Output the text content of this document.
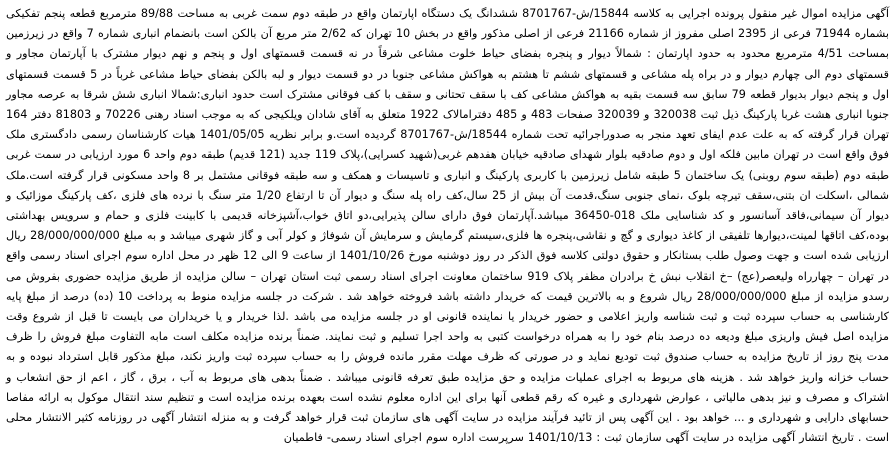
آگهی مزایده اموال غیر منقول پرونده اجرایی به کلاسه 15844/ش-8701767 ششدانگ یک دستگاه اپارتمان واقع در طبقه دوم سمت غربی به مساحت 89/88 مترمربع قطعه پنجم تفکیکی بشماره 71944 فرعی از 2395 اصلی مفروز از شماره 21166 فرعی از اصلی مذکور واقع در بخش 10 تهران که 2/62 متر مربع آن بالکن است بانضمام انباری شماره 7 واقع در زیرزمین بمساحت 4/51 مترمربع محدود به حدود اپارتمان : شمالاً دیوار و پنجره بفضای حیاط خلوت مشاعی شرقاً در نه قسمت قسمتهای اول و پنجم و نهم دیوار مشترک با آپارتمان مجاور و قسمتهای دوم الی چهارم دیوار و در براه پله مشاعی و قسمتهای ششم تا هشتم به هواکش مشاعی جنوبا در دو قسمت دیوار و لبه بالکن بفضای حیاط مشاعی غرباً در 5 قسمت قسمتهای اول و پنجم دیوار بدیوار قطعه 79 سابق سه قسمت بقیه به هواکش مشاعی کف با سقف تحتانی و سقف با کف فوقانی مشترک است حدود انباری:شمالا انباری شش شرقا به عرصه مجاور جنوبا انباری هشت غربا پارکینگ ذیل ثبت 320038 و 320039 صفحات 483 و 485 دفترامالاک 1922 متعلق به آقای شادان ویلکیجی که به موجب اسناد رهنی 70226 و 81803 دفتر 164 تهران قرار گرفته که به علت عدم ایفای تعهد منجر به صدوراجرائیه تحت شماره 18544/ش-8701767 گردیده است.و برابر نظریه 1401/05/05 هیات کارشناسان رسمی دادگستری ملک فوق واقع است در تهران مابین فلکه اول و دوم صادقیه بلوار شهدای صادقیه خیابان هفدهم غربی(شهید کسرایی)،پلاک 119 جدید (121 قدیم) طبقه دوم واحد 6 مورد ارزیابی در سمت غربی طبقه دوم (طبقه سوم روبنی) یک ساختمان 5 طبقه شامل زیرزمین با کاربری پارکینگ و انباری و تاسیسات و همکف و سه طبقه فوقانی مشتمل بر 8 واحد مسکونی قرار گرفته است.ملک شمالی ،اسکلت ان بتنی،سقف تیرچه بلوک ،نمای جنوبی سنگ،قدمت آن بیش از 25 سال،کف راه پله سنگ و دیوار آن تا ارتفاع 1/20 متر سنگ با نرده های فلزی ،کف پارکینگ موزائیک و دیوار آن سیمانی،فاقد آسانسور و کد شناسایی ملک 018-36450 میباشد.آپارتمان فوق دارای سالن پذیرایی،دو اتاق خواب،آشپزخانه قدیمی با کابینت فلزی و حمام و سرویس بهداشتی بوده،کف اتاقها لمینت،دیوارها تلفیقی از کاغذ دیواری و گچ و نقاشی،پنجره ها فلزی،سیستم گرمایش و سرمایش آن شوفاژ و کولر آبی و گاز شهری میباشد و به مبلغ 28/000/000/000 ریال ارزیابی شده است و جهت وصول طلب بستانکار و حقوق دولتی کلاسه فوق الذکر در روز دوشنبه مورخ 1401/10/26 از ساعت 9 الی 12 ظهر در محل اداره سوم اجرای اسناد رسمی واقع در تهران – چهارراه ولیعصر(عج) –خ انقلاب نبش خ برادران مظفر پلاک 919 ساختمان معاونت اجرای اسناد رسمی ثبت استان تهران – سالن مزایده از طریق مزایده حضوری بفروش می رسدو مزایده از مبلغ 28/000/000/000 ریال شروع و به بالاترین قیمت که خریدار داشته باشد فروخته خواهد شد . شرکت در جلسه مزایده منوط به پرداخت 10 (ده) درصد از مبلغ پایه کارشناسی به حساب سپرده ثبت و ثبت شناسه واریز اعلامی و حضور خریدار یا نماینده قانونی او در جلسه مزایده می باشد .لذا خریدار و یا خریداران می بایست تا قبل از شروع وقت مزایده اصل فیش واریزی مبلغ ودیعه ده درصد بنام خود را به همراه درخواست کتبی به واحد اجرا تسلیم و ثبت نمایند. ضمناً برنده مزایده مکلف است مابه التفاوت مبلغ فروش را ظرف مدت پنج روز از تاریخ مزایده به حساب صندوق ثبت تودیع نماید و در صورتی که ظرف مهلت مقرر مانده فروش را به حساب سپرده ثبت واریز نکند، مبلغ مذکور قابل استرداد نبوده و به حساب خزانه واریز خواهد شد . هزینه های مربوط به اجرای عملیات مزایده و حق مزایده طبق تعرفه قانونی میباشد . ضمناً بدهی های مربوط به آب ، برق ، گاز ، اعم از حق انشعاب و اشتراک و مصرف و نیز بدهی مالیاتی ، عوارض شهرداری و غیره که رقم قطعی آنها برای این اداره معلوم نشده است بعهده برنده مزایده است و تنظیم سند انتقال موکول به ارائه مفاصا حسابهای دارایی و شهرداری و ... خواهد بود . این آگهی پس از تائید فرآیند مزایده در سایت آگهی های سازمان ثبت قرار خواهد گرفت و به منزله انتشار آگهی در روزنامه کثیر الانتشار محلی است . تاریخ انتشار آگهی مزایده در سایت آگهی سازمان ثبت : 1401/10/13 سرپرست اداره سوم اجرای اسناد رسمی- فاطمیان
